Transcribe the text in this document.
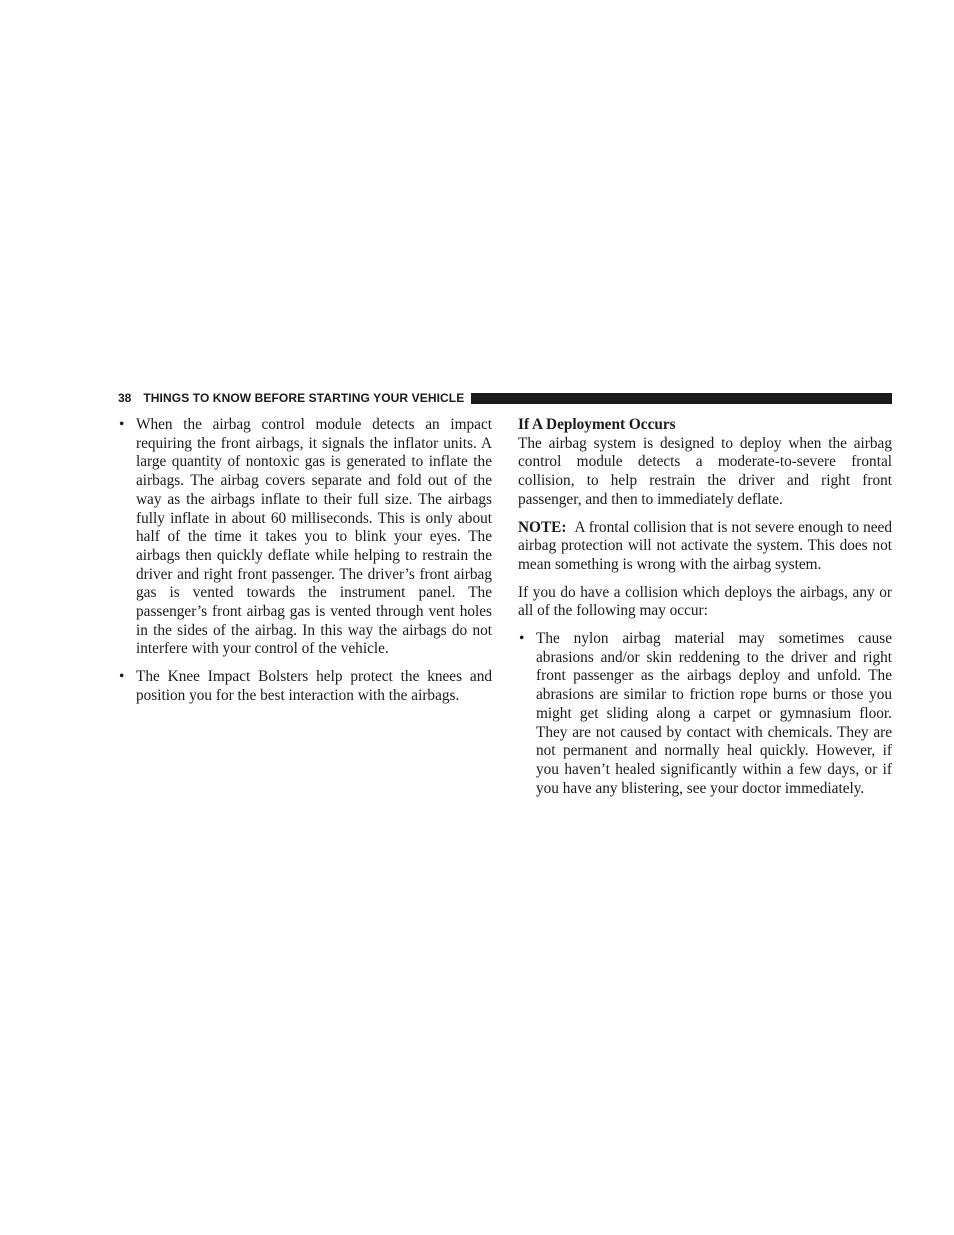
38 THINGS TO KNOW BEFORE STARTING YOUR VEHICLE
• When the airbag control module detects an impact requiring the front airbags, it signals the inflator units. A large quantity of nontoxic gas is generated to inflate the airbags. The airbag covers separate and fold out of the way as the airbags inflate to their full size. The airbags fully inflate in about 60 milliseconds. This is only about half of the time it takes you to blink your eyes. The airbags then quickly deflate while helping to restrain the driver and right front passenger. The driver’s front airbag gas is vented towards the instrument panel. The passenger’s front airbag gas is vented through vent holes in the sides of the airbag. In this way the airbags do not interfere with your control of the vehicle.
• The Knee Impact Bolsters help protect the knees and position you for the best interaction with the airbags.
If A Deployment Occurs

The airbag system is designed to deploy when the airbag control module detects a moderate-to-severe frontal collision, to help restrain the driver and right front passenger, and then to immediately deflate.

NOTE: A frontal collision that is not severe enough to need airbag protection will not activate the system. This does not mean something is wrong with the airbag system.

If you do have a collision which deploys the airbags, any or all of the following may occur:

• The nylon airbag material may sometimes cause abrasions and/or skin reddening to the driver and right front passenger as the airbags deploy and unfold. The abrasions are similar to friction rope burns or those you might get sliding along a carpet or gymnasium floor. They are not caused by contact with chemicals. They are not permanent and normally heal quickly. However, if you haven’t healed significantly within a few days, or if you have any blistering, see your doctor immediately.
